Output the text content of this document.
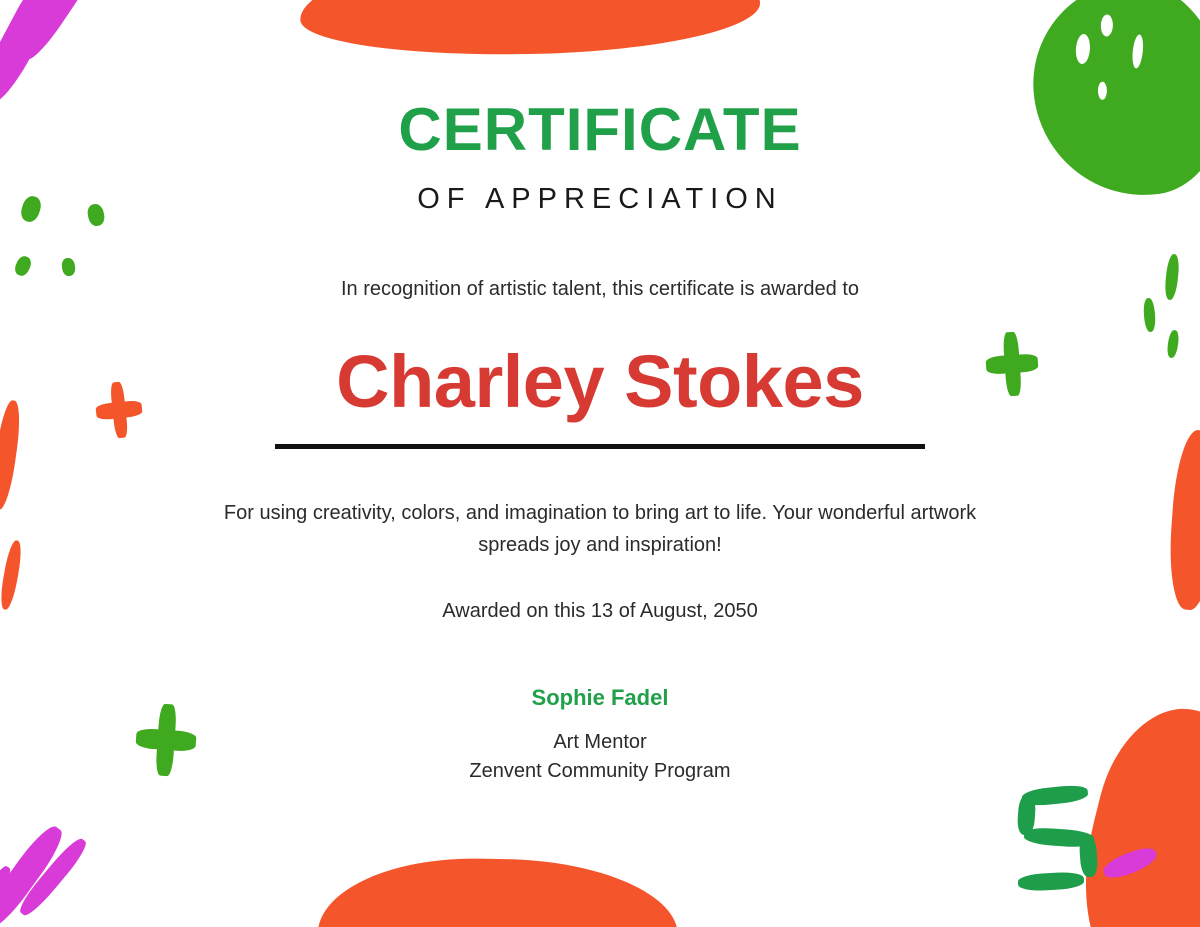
CERTIFICATE
OF APPRECIATION

In recognition of artistic talent, this certificate is awarded to

Charley Stokes

For using creativity, colors, and imagination to bring art to life. Your wonderful artwork spreads joy and inspiration!

Awarded on this 13 of August, 2050

Sophie Fadel
Art Mentor
Zenvent Community Program
